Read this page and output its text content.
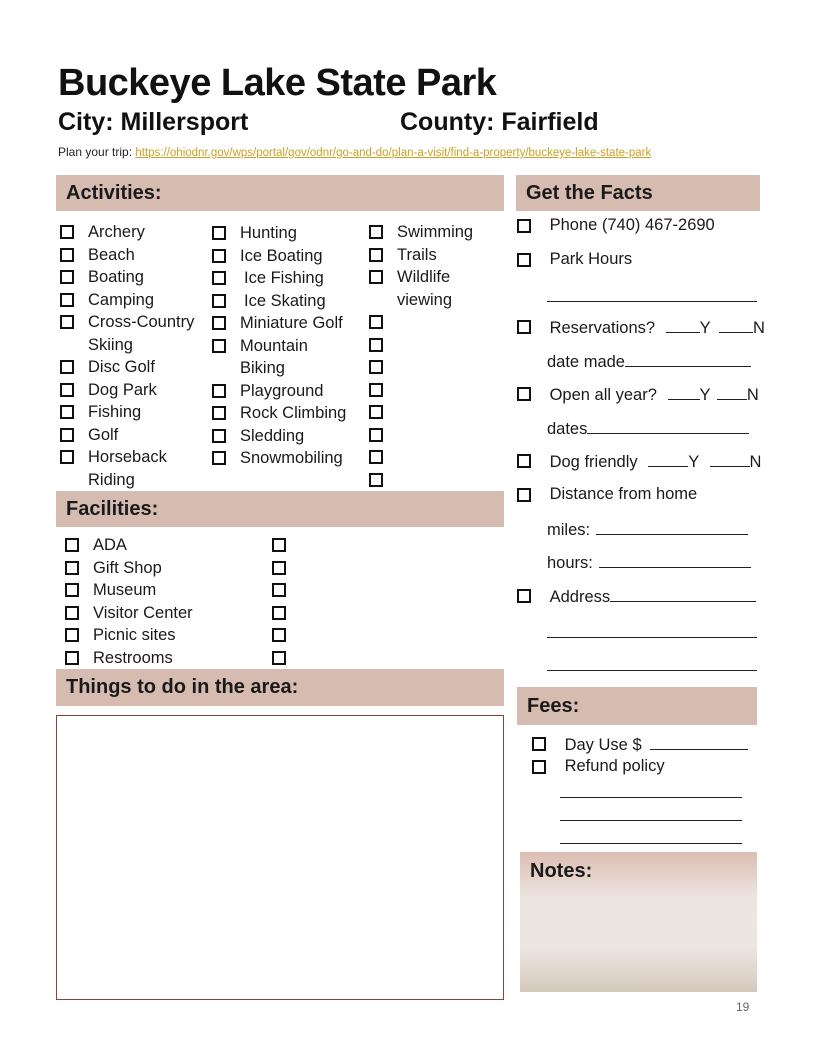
Buckeye Lake State Park
City: Millersport	County: Fairfield
Plan your trip: https://ohiodnr.gov/wps/portal/gov/odnr/go-and-do/plan-a-visit/find-a-property/buckeye-lake-state-park
Activities:
Archery
Beach
Boating
Camping
Cross-Country
Skiing
Disc Golf
Dog Park
Fishing
Golf
Horseback
Riding
Hunting
Ice Boating
Ice Fishing
Ice Skating
Miniature Golf
Mountain
Biking
Playground
Rock Climbing
Sledding
Snowmobiling
Swimming
Trails
Wildlife
viewing
Facilities:
ADA
Gift Shop
Museum
Visitor Center
Picnic sites
Restrooms
Things to do in the area:
Get the Facts
Phone (740) 467-2690
Park Hours
Reservations?	Y	N
date made
Open all year?	Y N
dates
Dog friendly	Y	N
Distance from home
miles:
hours:
Address
Fees:
Day Use $
Refund policy
Notes:
19
